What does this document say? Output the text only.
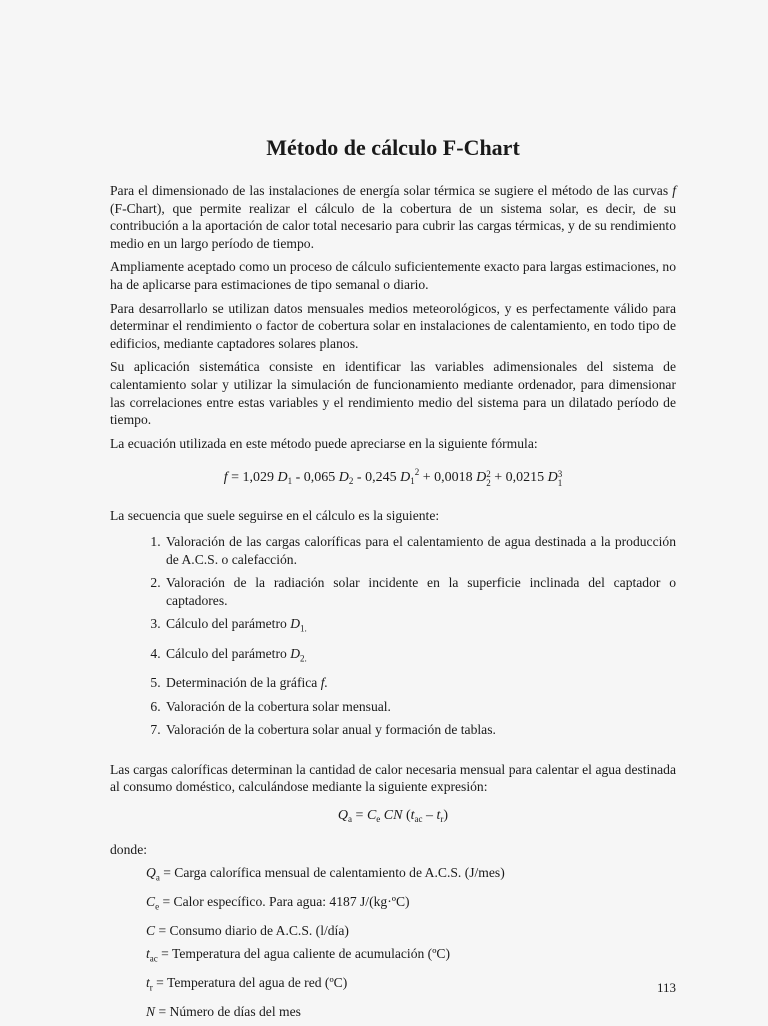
Método de cálculo F-Chart

Para el dimensionado de las instalaciones de energía solar térmica se sugiere el método de las curvas f (F-Chart), que permite realizar el cálculo de la cobertura de un sistema solar, es decir, de su contribución a la aportación de calor total necesario para cubrir las cargas térmicas, y de su rendimiento medio en un largo período de tiempo.

Ampliamente aceptado como un proceso de cálculo suficientemente exacto para largas estimaciones, no ha de aplicarse para estimaciones de tipo semanal o diario.

Para desarrollarlo se utilizan datos mensuales medios meteorológicos, y es perfectamente válido para determinar el rendimiento o factor de cobertura solar en instalaciones de calentamiento, en todo tipo de edificios, mediante captadores solares planos.

Su aplicación sistemática consiste en identificar las variables adimensionales del sistema de calentamiento solar y utilizar la simulación de funcionamiento mediante ordenador, para dimensionar las correlaciones entre estas variables y el rendimiento medio del sistema para un dilatado período de tiempo.

La ecuación utilizada en este método puede apreciarse en la siguiente fórmula:

f = 1,029 $D_1 - 0,065$ $D_2 - 0,245$ $D_1^2 + 0,0018$ D2
2 + 0,0215 D3
1

La secuencia que suele seguirse en el cálculo es la siguiente:

1. Valoración de las cargas caloríficas para el calentamiento de agua destinada a la producción de A.C.S. o calefacción.
2. Valoración de la radiación solar incidente en la superficie inclinada del captador o captadores.
3. Cálculo del parámetro $D_{1.}$
4. Cálculo del parámetro $D_{2.}$
5. Determinación de la gráfica f.
6. Valoración de la cobertura solar mensual.
7. Valoración de la cobertura solar anual y formación de tablas.

Las cargas caloríficas determinan la cantidad de calor necesaria mensual para calentar el agua destinada al consumo doméstico, calculándose mediante la siguiente expresión:

$Q_a = C_e$ CN $(t_{ac} - t_r)$
donde:
$Q_a$ = Carga calorífica mensual de calentamiento de A.C.S. (J/mes)
$C_e$ = Calor específico. Para agua: 4187 J/(kg·ºC)
C = Consumo diario de A.C.S. (l/día)
$t_{ac}$ = Temperatura del agua caliente de acumulación (ºC)
$t_r$ = Temperatura del agua de red (ºC)
N = Número de días del mes
113
